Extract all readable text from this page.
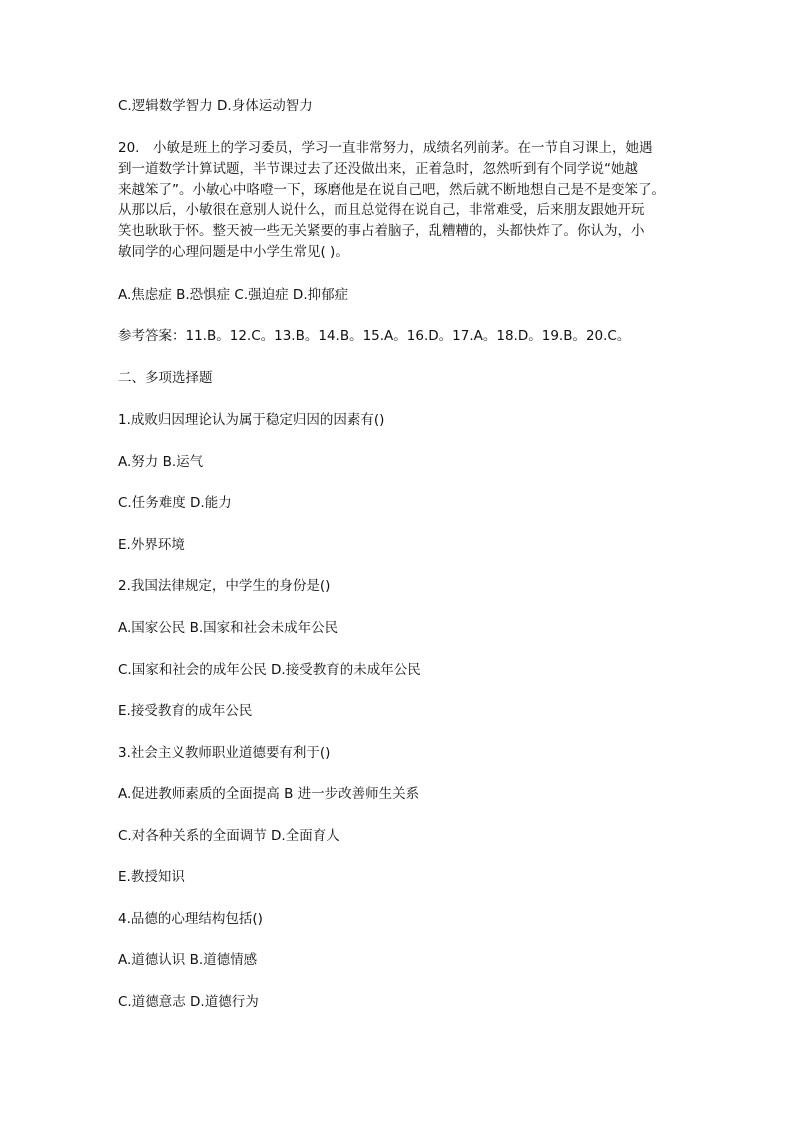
C.逻辑数学智力 D.身体运动智力
20.　小敏是班上的学习委员，学习一直非常努力，成绩名列前茅。在一节自习课上，她遇
到一道数学计算试题，半节课过去了还没做出来，正着急时，忽然听到有个同学说“她越
来越笨了”。小敏心中咯噔一下，琢磨他是在说自己吧，然后就不断地想自己是不是变笨了。
从那以后，小敏很在意别人说什么，而且总觉得在说自己，非常难受，后来朋友跟她开玩
笑也耿耿于怀。整天被一些无关紧要的事占着脑子，乱糟糟的，头都快炸了。你认为，小
敏同学的心理问题是中小学生常见( )。
A.焦虑症 B.恐惧症 C.强迫症 D.抑郁症
参考答案：11.B。12.C。13.B。14.B。15.A。16.D。17.A。18.D。19.B。20.C。
二、多项选择题
1.成败归因理论认为属于稳定归因的因素有()
A.努力 B.运气
C.任务难度 D.能力
E.外界环境
2.我国法律规定，中学生的身份是()
A.国家公民 B.国家和社会未成年公民
C.国家和社会的成年公民 D.接受教育的未成年公民
E.接受教育的成年公民
3.社会主义教师职业道德要有利于()
A.促进教师素质的全面提高 B 进一步改善师生关系
C.对各种关系的全面调节 D.全面育人
E.教授知识
4.品德的心理结构包括()
A.道德认识 B.道德情感
C.道德意志 D.道德行为
